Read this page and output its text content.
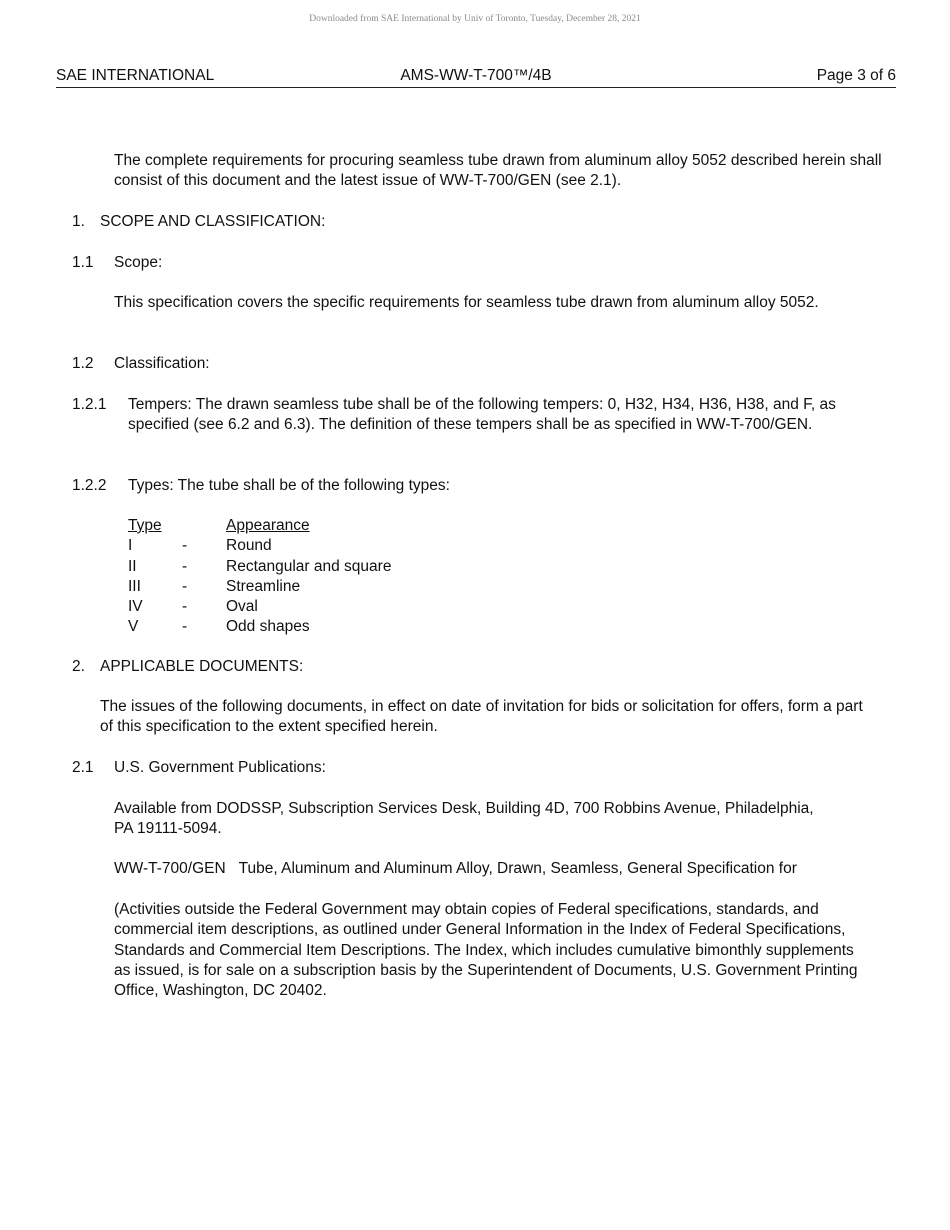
Downloaded from SAE International by Univ of Toronto, Tuesday, December 28, 2021
SAE INTERNATIONAL	AMS-WW-T-700™/4B	Page 3 of 6
The complete requirements for procuring seamless tube drawn from aluminum alloy 5052 described herein shall consist of this document and the latest issue of WW-T-700/GEN (see 2.1).
1. SCOPE AND CLASSIFICATION:
1.1 Scope:
This specification covers the specific requirements for seamless tube drawn from aluminum alloy 5052.
1.2 Classification:
1.2.1 Tempers: The drawn seamless tube shall be of the following tempers: 0, H32, H34, H36, H38, and F, as specified (see 6.2 and 6.3). The definition of these tempers shall be as specified in WW-T-700/GEN.
1.2.2 Types: The tube shall be of the following types:
Type	Appearance
I	-	Round
II	-	Rectangular and square
III	-	Streamline
IV	-	Oval
V	-	Odd shapes
2. APPLICABLE DOCUMENTS:
The issues of the following documents, in effect on date of invitation for bids or solicitation for offers, form a part of this specification to the extent specified herein.
2.1 U.S. Government Publications:
Available from DODSSP, Subscription Services Desk, Building 4D, 700 Robbins Avenue, Philadelphia, PA 19111-5094.
WW-T-700/GEN Tube, Aluminum and Aluminum Alloy, Drawn, Seamless, General Specification for
(Activities outside the Federal Government may obtain copies of Federal specifications, standards, and commercial item descriptions, as outlined under General Information in the Index of Federal Specifications, Standards and Commercial Item Descriptions. The Index, which includes cumulative bimonthly supplements as issued, is for sale on a subscription basis by the Superintendent of Documents, U.S. Government Printing Office, Washington, DC 20402.
